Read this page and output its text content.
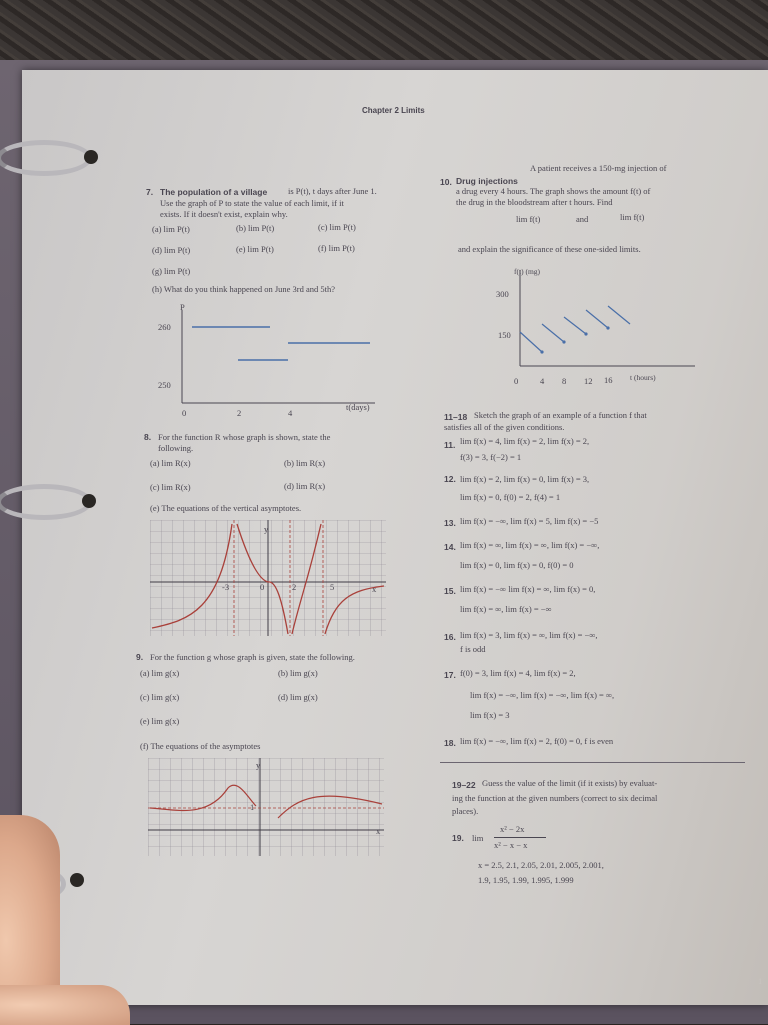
Chapter 2 Limits
7. The population of a village is P(t), t days after June 1.
Use the graph of P to state the value of each limit, if it
exists. If it doesn't exist, explain why.
(a) lim P(t)	(b) lim P(t)	(c) lim P(t)
(d) lim P(t)	(e) lim P(t)	(f) lim P(t)
(g) lim P(t)
(h) What do you think happened on June 3rd and 5th?
P
260
250
0	2	4
t(days)
8. For the function R whose graph is shown, state the
following.
(a) lim R(x)	(b) lim R(x)
(c) lim R(x)	(d) lim R(x)
(e) The equations of the vertical asymptotes.
y
x
-3	0	2	5
9. For the function g whose graph is given, state the following.
(a) lim g(x)	(b) lim g(x)
(c) lim g(x)	(d) lim g(x)
(e) lim g(x)
(f) The equations of the asymptotes
y
1
x
10. Drug injections
A patient receives a 150-mg injection of
a drug every 4 hours. The graph shows the amount f(t) of
the drug in the bloodstream after t hours. Find
lim f(t)	and	lim f(t)
and explain the significance of these one-sided limits.
f(t) (mg)
300
150
0	4 8 12 16 t (hours)
11–18 Sketch the graph of an example of a function f that
satisfies all of the given conditions.
11. lim f(x) = 4, lim f(x) = 2, lim f(x) = 2,
f(3) = 3, f(−2) = 1
12. lim f(x) = 2, lim f(x) = 0, lim f(x) = 3,
lim f(x) = 0, f(0) = 2, f(4) = 1
13. lim f(x) = −∞, lim f(x) = 5, lim f(x) = −5
14. lim f(x) = ∞, lim f(x) = ∞, lim f(x) = −∞,
lim f(x) = 0, lim f(x) = 0, f(0) = 0
15. lim f(x) = −∞ lim f(x) = ∞, lim f(x) = 0,
lim f(x) = ∞, lim f(x) = −∞
16. lim f(x) = 3, lim f(x) = ∞, lim f(x) = −∞,
f is odd
17. f(0) = 3, lim f(x) = 4, lim f(x) = 2,
lim f(x) = −∞, lim f(x) = −∞, lim f(x) = ∞,
lim f(x) = 3
18. lim f(x) = −∞, lim f(x) = 2, f(0) = 0, f is even
19–22 Guess the value of the limit (if it exists) by evaluat-
ing the function at the given numbers (correct to six decimal
places).
19. lim
x² − 2x
x² − x − x
x = 2.5, 2.1, 2.05, 2.01, 2.005, 2.001,
1.9, 1.95, 1.99, 1.995, 1.999
1
